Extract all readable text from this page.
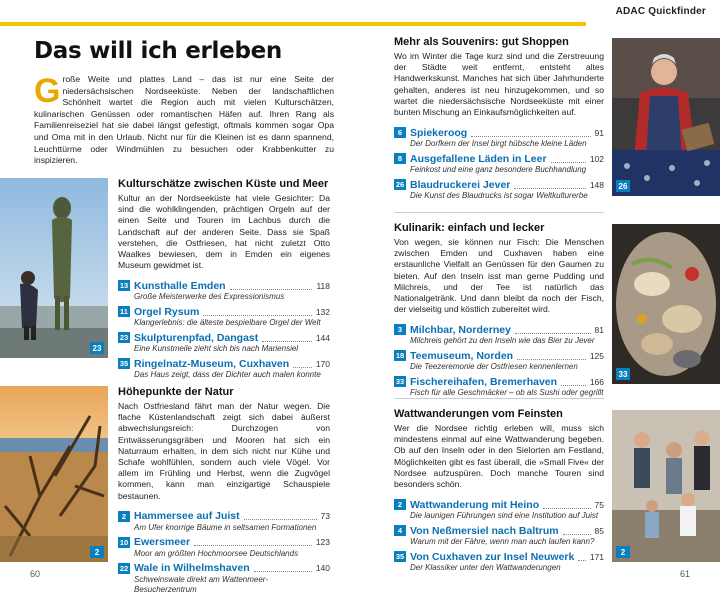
Das will ich erleben
Große Weite und plattes Land – das ist nur eine Seite der niedersächsischen Nordseeküste. Neben der landschaftlichen Schönheit wartet die Region auch mit vielen Kulturschätzen, kulinarischen Genüssen oder romantischen Häfen auf. Ihren Rang als Familienreiseziel hat sie dabei längst gefestigt, oftmals kommen sogar Opa und Oma mit in den Urlaub. Nicht nur für die Kleinen ist es dann spannend, Leuchttürme oder Windmühlen zu besuchen oder Krabbenkutter zu inspizieren.
23
Kulturschätze zwischen Küste und Meer

Kultur an der Nordseeküste hat viele Gesichter: Da sind die wohlklingenden, prächtigen Orgeln auf der einen Seite und Touren im Lachbus durch die Landschaft auf der anderen Seite. Dass sie Spaß verstehen, die Ostfriesen, hat nicht zuletzt Otto Waalkes bewiesen, dem in Emden ein eigenes Museum gewidmet ist.

13 Kunsthalle Emden	118
Große Meisterwerke des Expressionismus
11 Orgel Rysum	132
Klangerlebnis: die älteste bespielbare Orgel der Welt
23 Skulpturenpfad, Dangast	144
Eine Kunstmeile zieht sich bis nach Mariensiel
35 Ringelnatz-Museum, Cuxhaven	170
Das Haus zeigt, dass der Dichter auch malen konnte
2
Höhepunkte der Natur

Nach Ostfriesland fährt man der Natur wegen. Die flache Küstenlandschaft zeigt sich dabei äußerst abwechslungsreich: Durchzogen von Entwässerungsgräben und Mooren hat sich ein Naturraum erhalten, in dem sich nicht nur Kühe und Schafe wohlfühlen, sondern auch viele Vögel. Vor allem im Frühling und Herbst, wenn die Zugvögel kommen, kann man einzigartige Schauspiele bestaunen.

2 Hammersee auf Juist	73
Am Ufer knorrige Bäume in seltsamen Formationen
10 Ewersmeer	123
Moor am größten Hochmoorsee Deutschlands
22 Wale in Wilhelmshaven	140
Schweinswale direkt am Wattenmeer-Besucherzentrum
60
ADAC Quickfinder
Mehr als Souvenirs: gut Shoppen

Wo im Winter die Tage kurz sind und die Zerstreuung der Städte weit entfernt, entsteht altes Handwerkskunst. Manches hat sich über Jahrhunderte gehalten, anderes ist neu hinzugekommen, und so wartet die niedersächsische Nordseeküste mit einer bunten Mischung an Einkaufsmöglichkeiten auf.

6 Spiekeroog	91
Der Dorfkern der Insel birgt hübsche kleine Läden
8 Ausgefallene Läden in Leer	102
Feinkost und eine ganz besondere Buchhandlung
26 Blaudruckerei Jever	148
Die Kunst des Blaudrucks ist sogar Weltkulturerbe
26
Kulinarik: einfach und lecker

Von wegen, sie können nur Fisch: Die Menschen zwischen Emden und Cuxhaven haben eine erstaunliche Vielfalt an Genüssen für den Gaumen zu bieten. Auf den Inseln isst man gerne Pudding und Milchreis, und der Tee ist natürlich das Nationalgetränk. Und dann bleibt da noch der Fisch, der vielseitig und köstlich zubereitet wird.

3 Milchbar, Norderney	81
Milchreis gehört zu den Inseln wie das Bier zu Jever
18 Teemuseum, Norden	125
Die Teezeremonie der Ostfriesen kennenlernen
33 Fischereihafen, Bremerhaven	166
Fisch für alle Geschmäcker – ob als Sushi oder gegrillt
33
Wattwanderungen vom Feinsten

Wer die Nordsee richtig erleben will, muss sich mindestens einmal auf eine Wattwanderung begeben. Ob auf den Inseln oder in den Sielorten am Festland, Möglichkeiten gibt es fast überall, die »Small Five« der Nordsee aufzuspüren. Doch manche Touren sind besonders schön.

2 Wattwanderung mit Heino	75
Die launigen Führungen sind eine Institution auf Juist
4 Von Neßmersiel nach Baltrum	85
Warum mit der Fähre, wenn man auch laufen kann?
35 Von Cuxhaven zur Insel Neuwerk 171
Der Klassiker unter den Wattwanderungen
2
61
